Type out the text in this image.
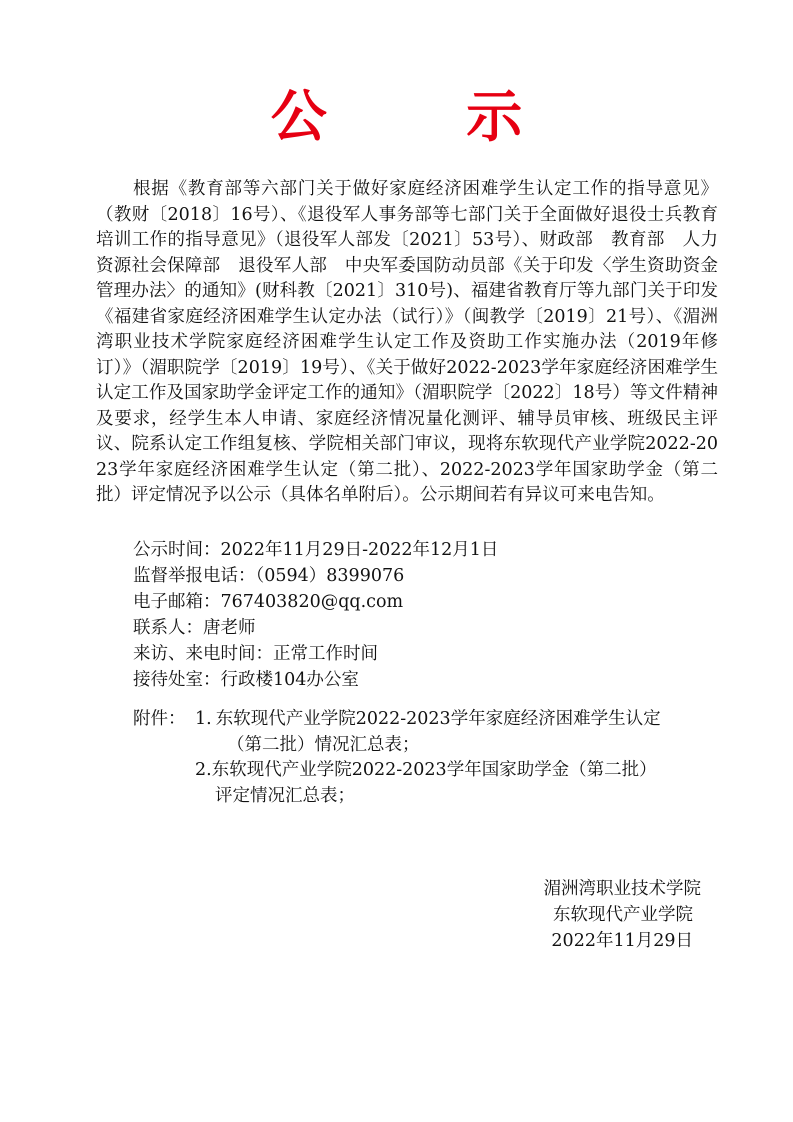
公 示

根据《教育部等六部门关于做好家庭经济困难学生认定工作的指导意见》（教财〔2018〕16号）、《退役军人事务部等七部门关于全面做好退役士兵教育培训工作的指导意见》（退役军人部发〔2021〕53号）、财政部　教育部　人力资源社会保障部　退役军人部　中央军委国防动员部《关于印发〈学生资助资金管理办法〉的通知》(财科教〔2021〕310号)、福建省教育厅等九部门关于印发《福建省家庭经济困难学生认定办法（试行）》（闽教学〔2019〕21号）、《湄洲湾职业技术学院家庭经济困难学生认定工作及资助工作实施办法（2019年修订）》（湄职院学〔2019〕19号）、《关于做好2022-2023学年家庭经济困难学生认定工作及国家助学金评定工作的通知》（湄职院学〔2022〕18号）等文件精神及要求，经学生本人申请、家庭经济情况量化测评、辅导员审核、班级民主评议、院系认定工作组复核、学院相关部门审议，现将东软现代产业学院2022-2023学年家庭经济困难学生认定（第二批）、2022-2023学年国家助学金（第二批）评定情况予以公示（具体名单附后）。公示期间若有异议可来电告知。

公示时间：2022年11月29日-2022年12月1日
监督举报电话：（0594）8399076
电子邮箱：767403820@qq.com
联系人：唐老师
来访、来电时间：正常工作时间
接待处室：行政楼104办公室
附件： 1. 东软现代产业学院2022-2023学年家庭经济困难学生认定
（第二批）情况汇总表；
2.东软现代产业学院2022-2023学年国家助学金（第二批）
评定情况汇总表；
湄洲湾职业技术学院
东软现代产业学院
2022年11月29日
